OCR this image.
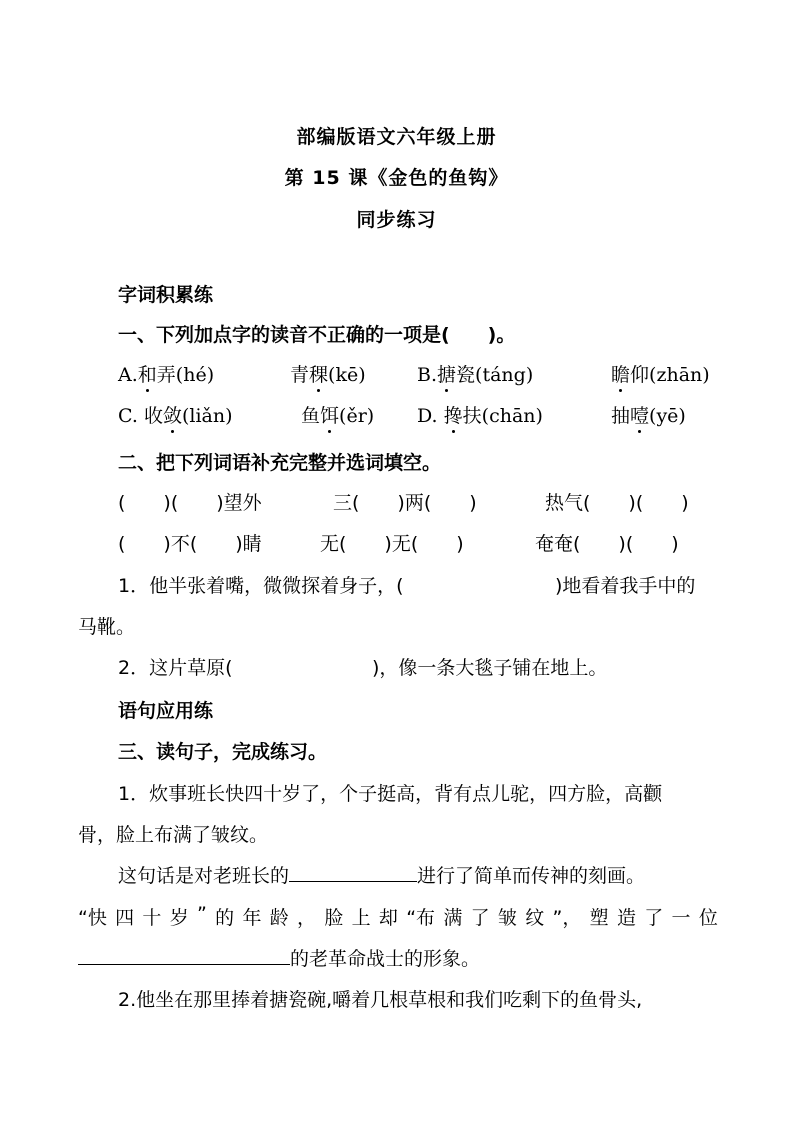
部编版语文六年级上册
第 15 课《金色的鱼钩》
同步练习
字词积累练
一、下列加点字的读音不正确的一项是(　　)。
A.和弄(hé)	青稞(kē)	B.搪瓷(táng)	瞻仰(zhān)
C. 收敛(liǎn)	鱼饵(ěr) D. 搀扶(chān)	抽噎(yē)
二、把下列词语补充完整并选词填空。
(　　)(　　)望外	三(　　)两(　　)	热气(　　)(　　)
(　　)不(　　)睛	无(　　)无(　　)	奄奄(　　)(　　)
1．他半张着嘴，微微探着身子，(	)地看着我手中的
马靴。
2．这片草原(	)，像一条大毯子铺在地上。
语句应用练
三、读句子，完成练习。
1．炊事班长快四十岁了，个子挺高，背有点儿驼，四方脸，高颧
骨，脸上布满了皱纹。
这句话是对老班长的	进行了简单而传神的刻画。
“快 四 十 岁 ” 的 年 龄 ， 脸 上 却 “布 满 了 皱 纹 ”， 塑 造 了 一 位
的老革命战士的形象。
2.他坐在那里捧着搪瓷碗,嚼着几根草根和我们吃剩下的鱼骨头,
